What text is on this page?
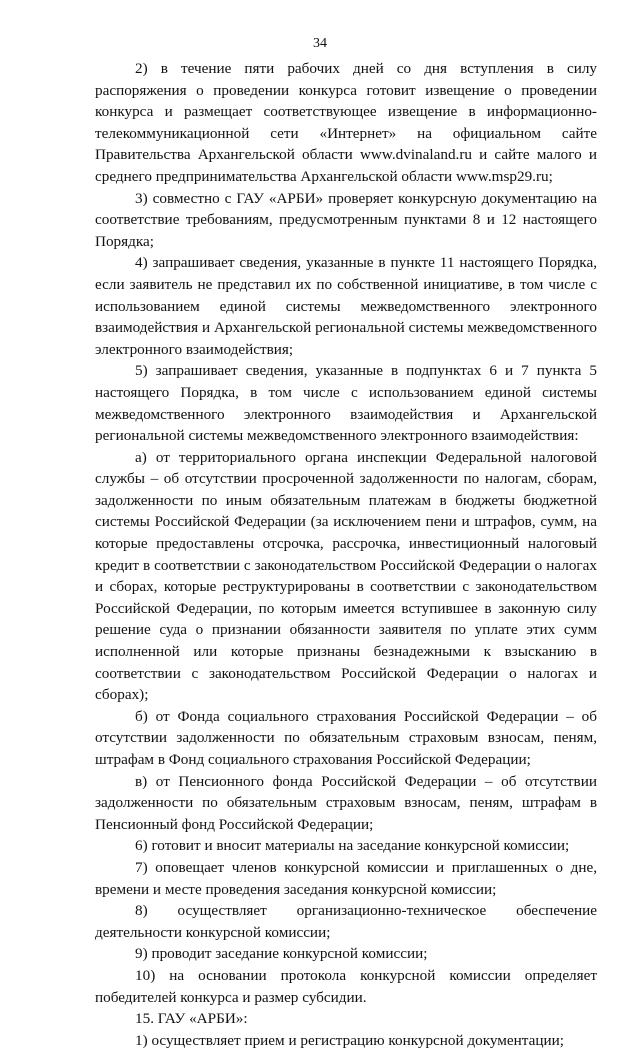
34

2) в течение пяти рабочих дней со дня вступления в силу распоряжения о проведении конкурса готовит извещение о проведении конкурса и размещает соответствующее извещение в информационно-телекоммуникационной сети «Интернет» на официальном сайте Правительства Архангельской области www.dvinaland.ru и сайте малого и среднего предпринимательства Архангельской области www.msp29.ru;

3) совместно с ГАУ «АРБИ» проверяет конкурсную документацию на соответствие требованиям, предусмотренным пунктами 8 и 12 настоящего Порядка;

4) запрашивает сведения, указанные в пункте 11 настоящего Порядка, если заявитель не представил их по собственной инициативе, в том числе с использованием единой системы межведомственного электронного взаимодействия и Архангельской региональной системы межведомственного электронного взаимодействия;

5) запрашивает сведения, указанные в подпунктах 6 и 7 пункта 5 настоящего Порядка, в том числе с использованием единой системы межведомственного электронного взаимодействия и Архангельской региональной системы межведомственного электронного взаимодействия:

а) от территориального органа инспекции Федеральной налоговой службы – об отсутствии просроченной задолженности по налогам, сборам, задолженности по иным обязательным платежам в бюджеты бюджетной системы Российской Федерации (за исключением пени и штрафов, сумм, на которые предоставлены отсрочка, рассрочка, инвестиционный налоговый кредит в соответствии с законодательством Российской Федерации о налогах и сборах, которые реструктурированы в соответствии с законодательством Российской Федерации, по которым имеется вступившее в законную силу решение суда о признании обязанности заявителя по уплате этих сумм исполненной или которые признаны безнадежными к взысканию в соответствии с законодательством Российской Федерации о налогах и сборах);

б) от Фонда социального страхования Российской Федерации – об отсутствии задолженности по обязательным страховым взносам, пеням, штрафам в Фонд социального страхования Российской Федерации;

в) от Пенсионного фонда Российской Федерации – об отсутствии задолженности по обязательным страховым взносам, пеням, штрафам в Пенсионный фонд Российской Федерации;

6) готовит и вносит материалы на заседание конкурсной комиссии;

7) оповещает членов конкурсной комиссии и приглашенных о дне, времени и месте проведения заседания конкурсной комиссии;

8) осуществляет организационно-техническое обеспечение деятельности конкурсной комиссии;

9) проводит заседание конкурсной комиссии;

10) на основании протокола конкурсной комиссии определяет победителей конкурса и размер субсидии.

15. ГАУ «АРБИ»:

1) осуществляет прием и регистрацию конкурсной документации;
